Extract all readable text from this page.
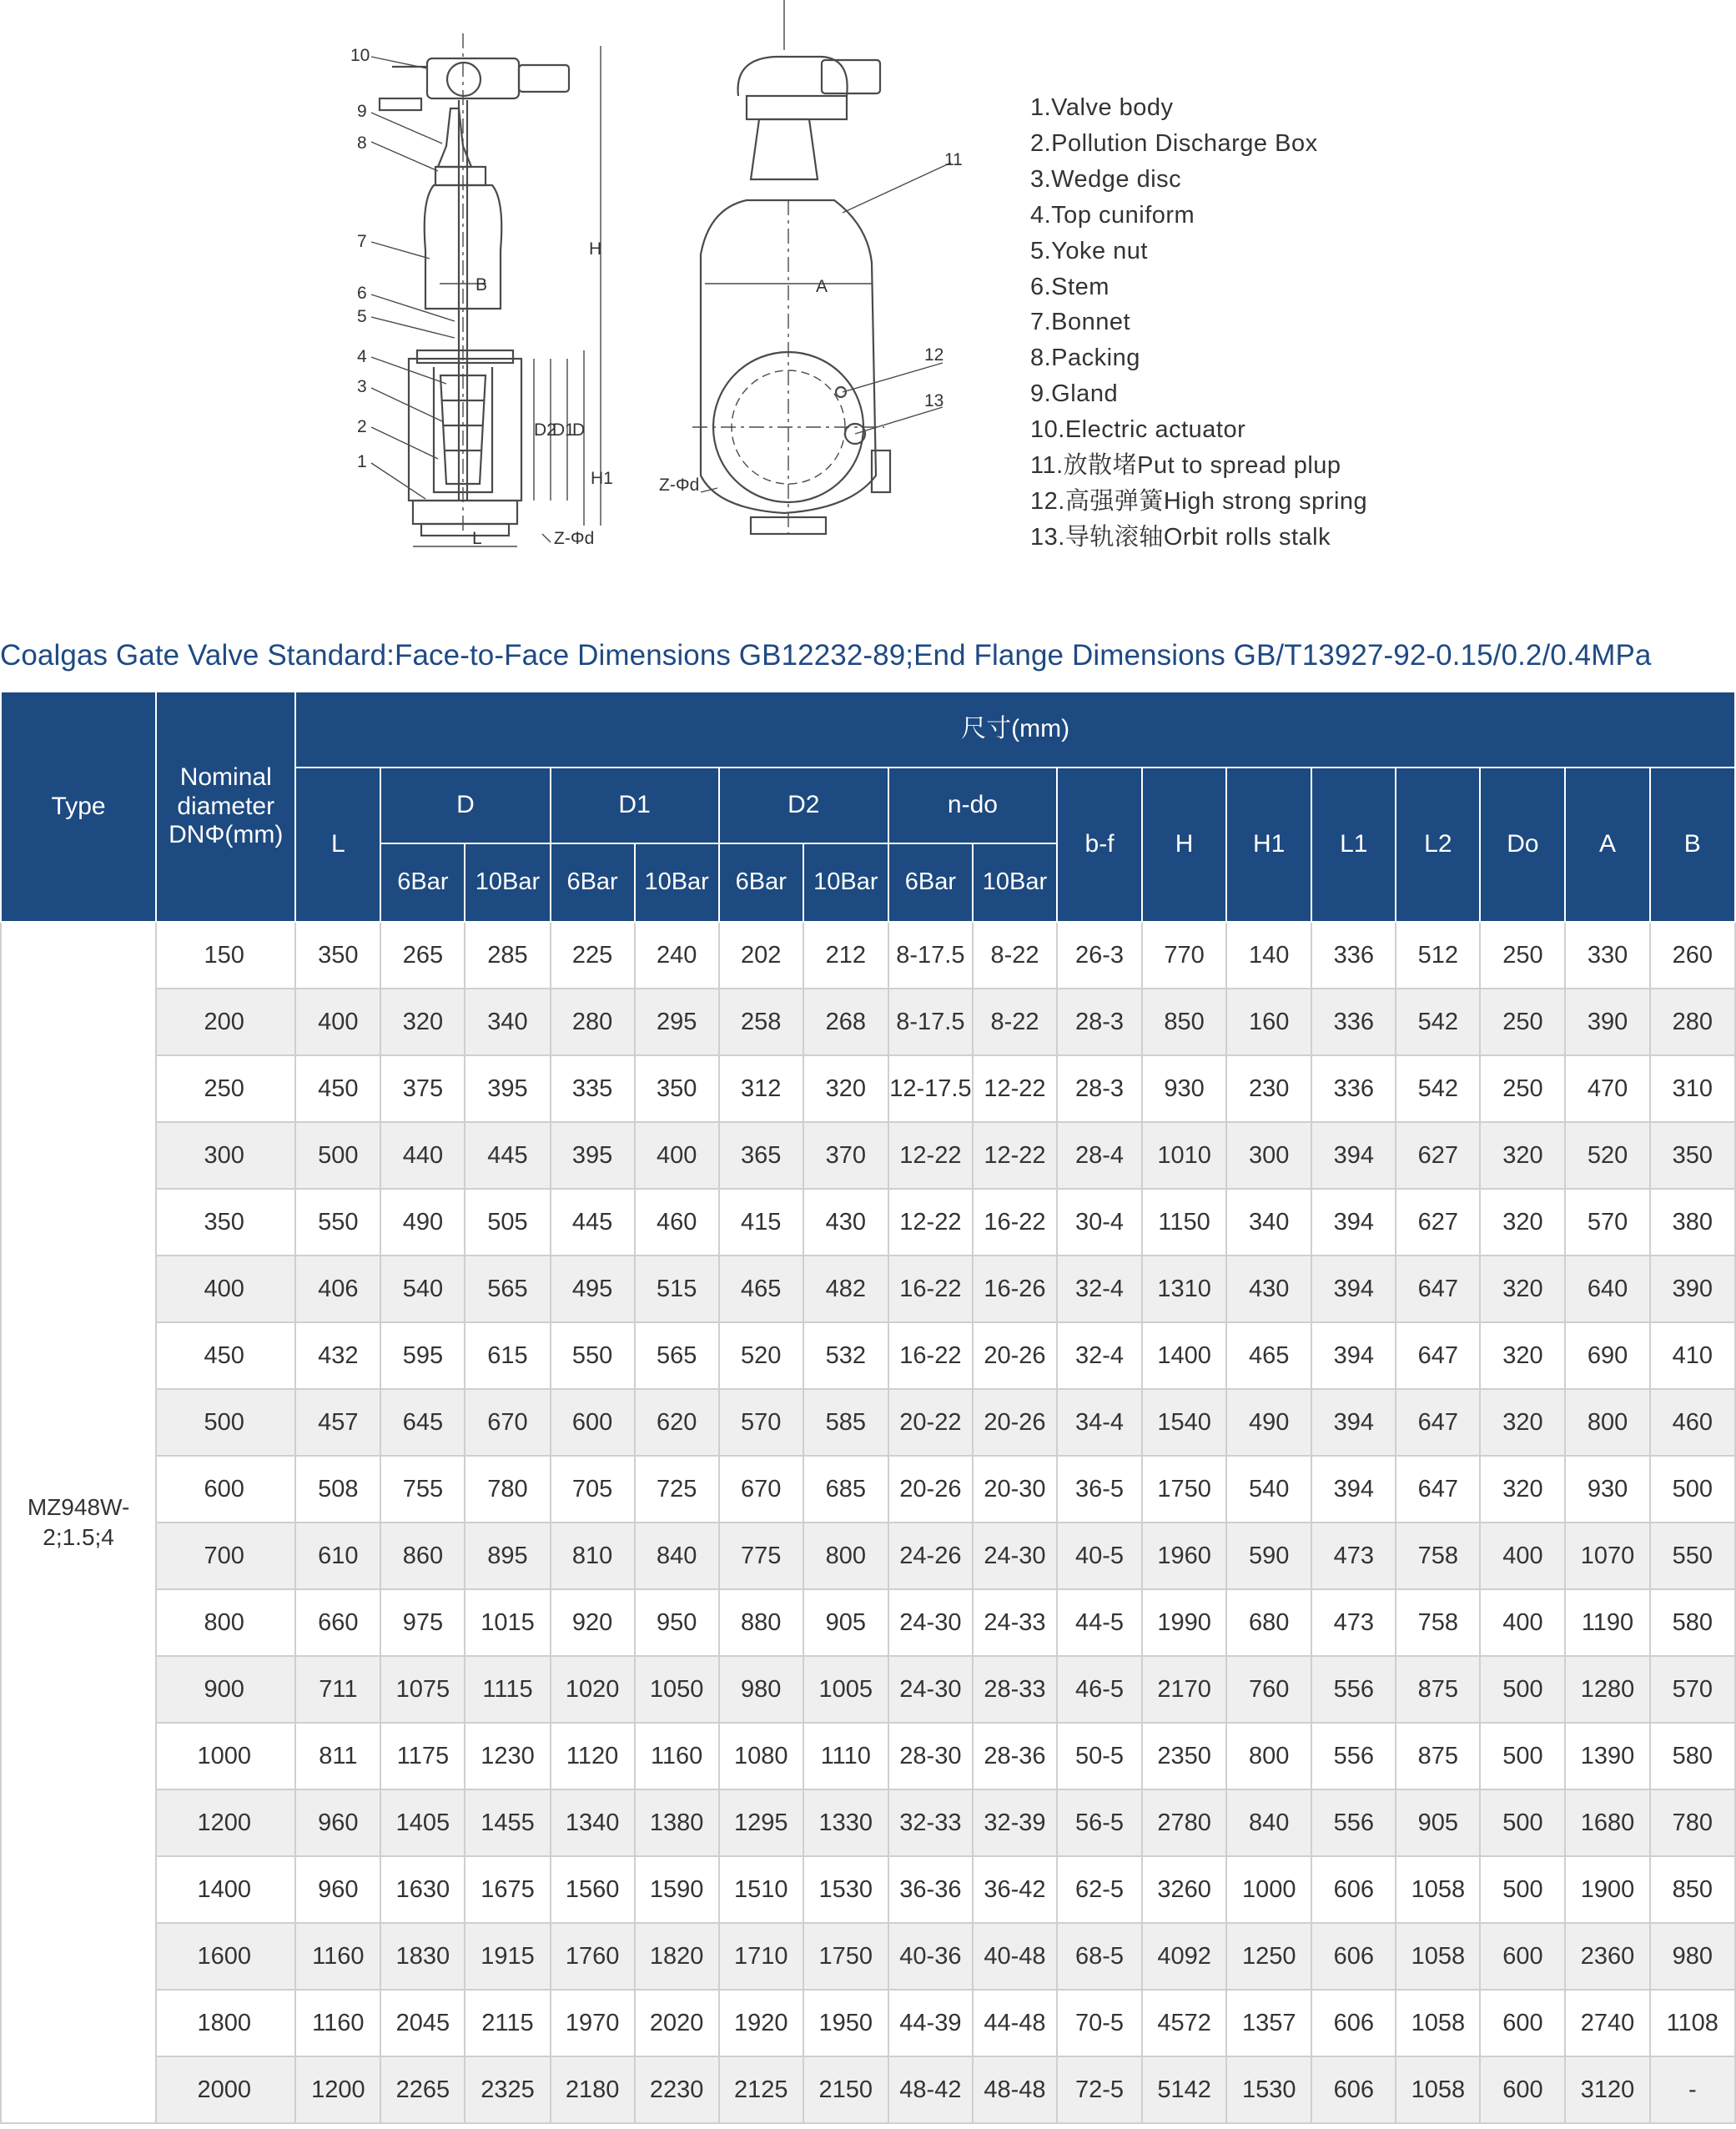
10
9
8
7
6
5
4
3
2
1
11
12
13
H
H1
B	A
L
D
D1
D2
Z-Φd
Z-Φd
1.Valve body
2.Pollution Discharge Box
3.Wedge disc
4.Top cuniform
5.Yoke nut
6.Stem
7.Bonnet
8.Packing
9.Gland
10.Electric actuator
11.放散堵Put to spread plup
12.高强弹簧High strong spring
13.导轨滚轴Orbit rolls stalk
Coalgas Gate Valve Standard:Face-to-Face Dimensions GB12232-89;End Flange Dimensions GB/T13927-92-0.15/0.2/0.4MPa
Type	Nominal diameter DNΦ(mm)	尺寸(mm)																
		L	D		D1		D2		n-do		b-f	H	H1	L1	L2	Do	A	B
			6Bar	10Bar	6Bar	10Bar	6Bar	10Bar	6Bar	10Bar								
MZ948W-2;1.5;4	150	350	265	285	225	240	202	212	8-17.5	8-22	26-3	770	140	336	512	250	330	260
	200	400	320	340	280	295	258	268	8-17.5	8-22	28-3	850	160	336	542	250	390	280
	250	450	375	395	335	350	312	320	12-17.5	12-22	28-3	930	230	336	542	250	470	310
	300	500	440	445	395	400	365	370	12-22	12-22	28-4	1010	300	394	627	320	520	350
	350	550	490	505	445	460	415	430	12-22	16-22	30-4	1150	340	394	627	320	570	380
	400	406	540	565	495	515	465	482	16-22	16-26	32-4	1310	430	394	647	320	640	390
	450	432	595	615	550	565	520	532	16-22	20-26	32-4	1400	465	394	647	320	690	410
	500	457	645	670	600	620	570	585	20-22	20-26	34-4	1540	490	394	647	320	800	460
	600	508	755	780	705	725	670	685	20-26	20-30	36-5	1750	540	394	647	320	930	500
	700	610	860	895	810	840	775	800	24-26	24-30	40-5	1960	590	473	758	400	1070	550
	800	660	975	1015	920	950	880	905	24-30	24-33	44-5	1990	680	473	758	400	1190	580
	900	711	1075	1115	1020	1050	980	1005	24-30	28-33	46-5	2170	760	556	875	500	1280	570
	1000	811	1175	1230	1120	1160	1080	1110	28-30	28-36	50-5	2350	800	556	875	500	1390	580
	1200	960	1405	1455	1340	1380	1295	1330	32-33	32-39	56-5	2780	840	556	905	500	1680	780
	1400	960	1630	1675	1560	1590	1510	1530	36-36	36-42	62-5	3260	1000	606	1058	500	1900	850
	1600	1160	1830	1915	1760	1820	1710	1750	40-36	40-48	68-5	4092	1250	606	1058	600	2360	980
	1800	1160	2045	2115	1970	2020	1920	1950	44-39	44-48	70-5	4572	1357	606	1058	600	2740	1108
	2000	1200	2265	2325	2180	2230	2125	2150	48-42	48-48	72-5	5142	1530	606	1058	600	3120	-
